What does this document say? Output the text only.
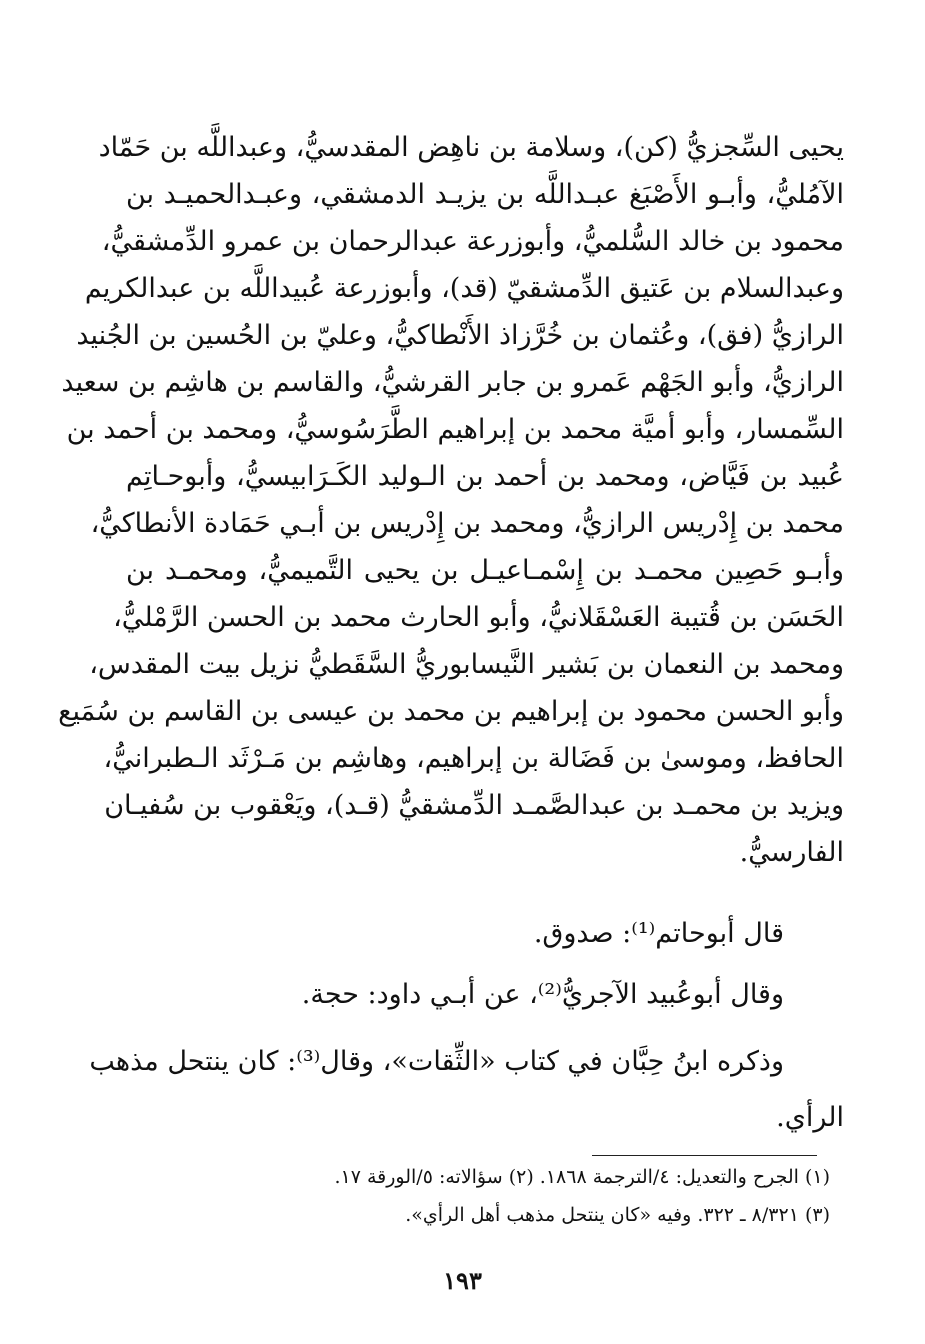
يحيى السِّجزيُّ (كن)، وسلامة بن ناهِض المقدسيُّ، وعبداللَّه بن حَمّاد
الآمُليُّ، وأبـو الأَصْبَغ عبـداللَّه بن يزيـد الدمشقي، وعبـدالحميـد بن
محمود بن خالد السُّلميُّ، وأبوزرعة عبدالرحمان بن عمرو الدِّمشقيُّ،
وعبدالسلام بن عَتيق الدِّمشقيّ (قد)، وأبوزرعة عُبيداللَّه بن عبدالكريم
الرازيُّ (فق)، وعُثمان بن خُرَّزاذ الأَنْطاكيُّ، وعليّ بن الحُسين بن الجُنيد
الرازيُّ، وأبو الجَهْم عَمرو بن جابر القرشيُّ، والقاسم بن هاشِم بن سعيد
السِّمسار، وأبو أميَّة محمد بن إبراهيم الطَّرَسُوسيُّ، ومحمد بن أحمد بن
عُبيد بن فَيَّاض، ومحمد بن أحمد بن الـوليد الكَـرَابيسيُّ، وأبوحـاتِم
محمد بن إِدْريس الرازيُّ، ومحمد بن إِدْريس بن أبـي حَمَادة الأنطاكيُّ،
وأبـو حَصِين محمـد بن إِسْمـاعيـل بن يحيى التَّميميُّ، ومحمـد بن
الحَسَن بن قُتيبة العَسْقَلانيُّ، وأبو الحارث محمد بن الحسن الرَّمْليُّ،
ومحمد بن النعمان بن بَشير النَّيسابوريُّ السَّقَطيُّ نزيل بيت المقدس،
وأبو الحسن محمود بن إبراهيم بن محمد بن عيسى بن القاسم بن سُمَيع
الحافظ، وموسىٰ بن فَضَالة بن إبراهيم، وهاشِم بن مَـرْثَد الـطبرانيُّ،
ويزيد بن محمـد بن عبدالصَّمـد الدِّمشقيُّ (قـد)، ويَعْقوب بن سُفيـان
الفارسيُّ.
قال أبوحاتم⁽¹⁾: صدوق.
وقال أبوعُبيد الآجريُّ⁽²⁾، عن أبـي داود: حجة.
وذكره ابنُ حِبَّان في كتاب «الثِّقات»، وقال⁽³⁾: كان ينتحل مذهب
الرأي.
(١) الجرح والتعديل: ٤/الترجمة ١٨٦٨. (٢) سؤالاته: ٥/الورقة ١٧.
(٣) ٨/٣٢١ ـ ٣٢٢. وفيه «كان ينتحل مذهب أهل الرأي».
١٩٣
